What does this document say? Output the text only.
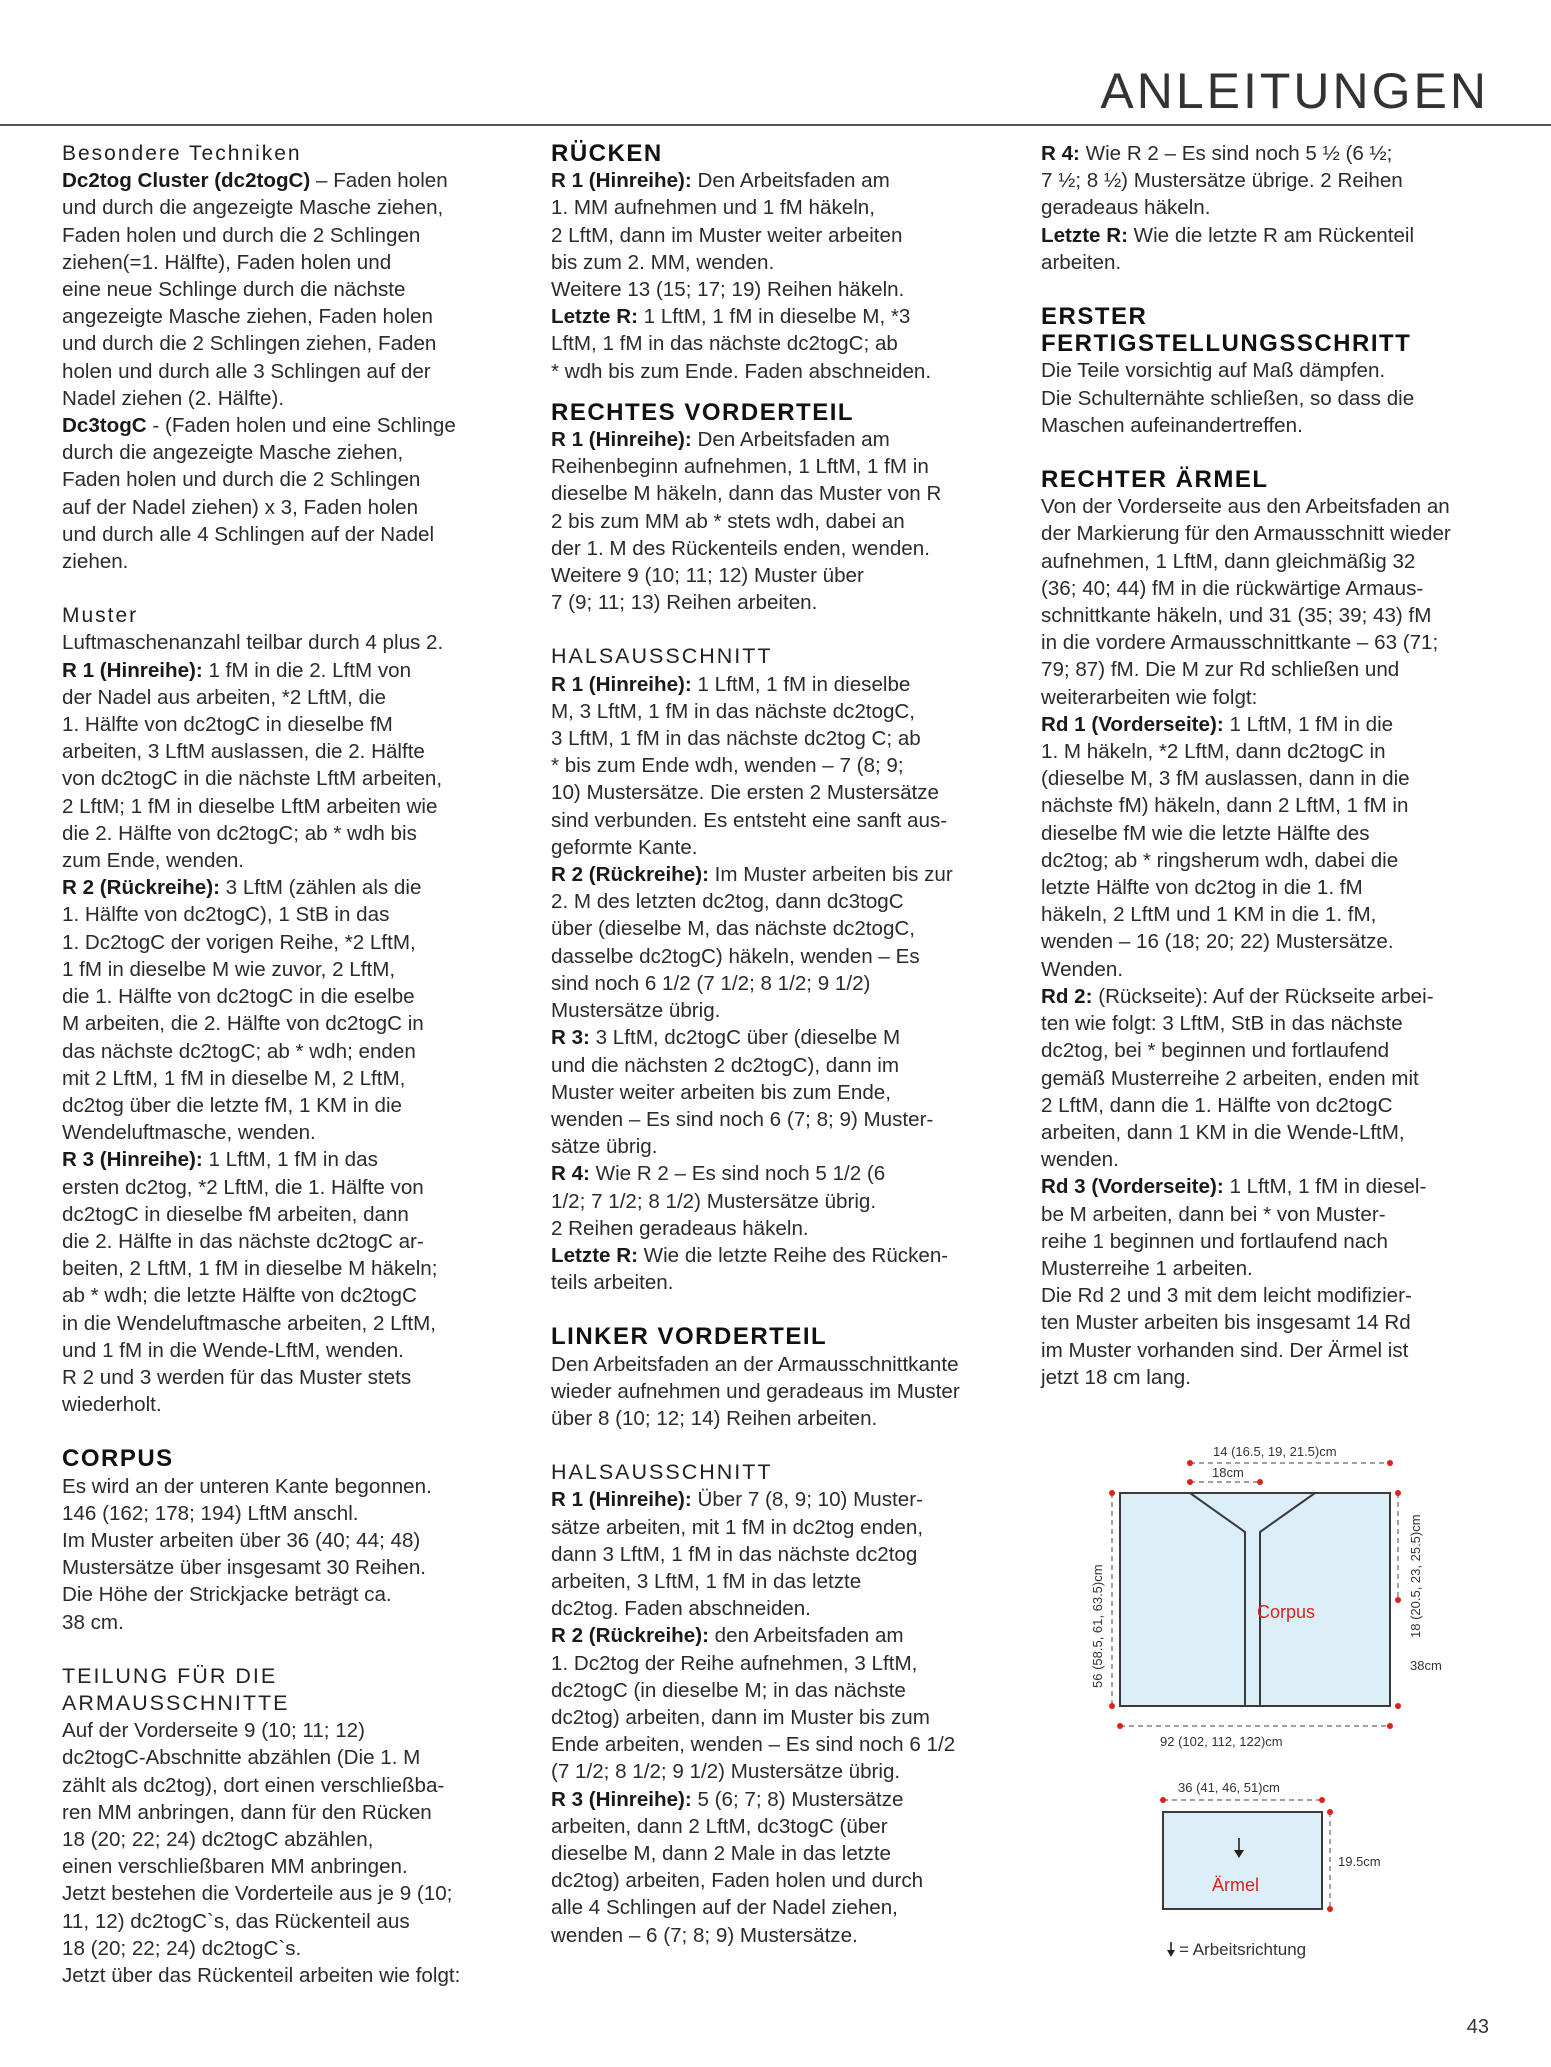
ANLEITUNGEN

Besondere Techniken

Dc2tog Cluster (dc2togC) – Faden holen
und durch die angezeigte Masche ziehen,
Faden holen und durch die 2 Schlingen
ziehen(=1. Hälfte), Faden holen und
eine neue Schlinge durch die nächste
angezeigte Masche ziehen, Faden holen
und durch die 2 Schlingen ziehen, Faden
holen und durch alle 3 Schlingen auf der
Nadel ziehen (2. Hälfte).

Dc3togC - (Faden holen und eine Schlinge
durch die angezeigte Masche ziehen,
Faden holen und durch die 2 Schlingen
auf der Nadel ziehen) x 3, Faden holen
und durch alle 4 Schlingen auf der Nadel
ziehen.

Muster

Luftmaschenanzahl teilbar durch 4 plus 2.

R 1 (Hinreihe): 1 fM in die 2. LftM von
der Nadel aus arbeiten, *2 LftM, die
1. Hälfte von dc2togC in dieselbe fM
arbeiten, 3 LftM auslassen, die 2. Hälfte
von dc2togC in die nächste LftM arbeiten,
2 LftM; 1 fM in dieselbe LftM arbeiten wie
die 2. Hälfte von dc2togC; ab * wdh bis
zum Ende, wenden.

R 2 (Rückreihe): 3 LftM (zählen als die
1. Hälfte von dc2togC), 1 StB in das
1. Dc2togC der vorigen Reihe, *2 LftM,
1 fM in dieselbe M wie zuvor, 2 LftM,
die 1. Hälfte von dc2togC in die eselbe
M arbeiten, die 2. Hälfte von dc2togC in
das nächste dc2togC; ab * wdh; enden
mit 2 LftM, 1 fM in dieselbe M, 2 LftM,
dc2tog über die letzte fM, 1 KM in die
Wendeluftmasche, wenden.

R 3 (Hinreihe): 1 LftM, 1 fM in das
ersten dc2tog, *2 LftM, die 1. Hälfte von
dc2togC in dieselbe fM arbeiten, dann
die 2. Hälfte in das nächste dc2togC ar-
beiten, 2 LftM, 1 fM in dieselbe M häkeln;
ab * wdh; die letzte Hälfte von dc2togC
in die Wendeluftmasche arbeiten, 2 LftM,
und 1 fM in die Wende-LftM, wenden.
R 2 und 3 werden für das Muster stets
wiederholt.

CORPUS

Es wird an der unteren Kante begonnen.
146 (162; 178; 194) LftM anschl.
Im Muster arbeiten über 36 (40; 44; 48)
Mustersätze über insgesamt 30 Reihen.
Die Höhe der Strickjacke beträgt ca.
38 cm.

TEILUNG FÜR DIE ARMAUSSCHNITTE

Auf der Vorderseite 9 (10; 11; 12)
dc2togC-Abschnitte abzählen (Die 1. M
zählt als dc2tog), dort einen verschließba-
ren MM anbringen, dann für den Rücken
18 (20; 22; 24) dc2togC abzählen,
einen verschließbaren MM anbringen.
Jetzt bestehen die Vorderteile aus je 9 (10;
11, 12) dc2togC`s, das Rückenteil aus
18 (20; 22; 24) dc2togC`s.
Jetzt über das Rückenteil arbeiten wie folgt:

RÜCKEN

R 1 (Hinreihe): Den Arbeitsfaden am
1. MM aufnehmen und 1 fM häkeln,
2 LftM, dann im Muster weiter arbeiten
bis zum 2. MM, wenden.
Weitere 13 (15; 17; 19) Reihen häkeln.

Letzte R: 1 LftM, 1 fM in dieselbe M, *3
LftM, 1 fM in das nächste dc2togC; ab
* wdh bis zum Ende. Faden abschneiden.

RECHTES VORDERTEIL

R 1 (Hinreihe): Den Arbeitsfaden am
Reihenbeginn aufnehmen, 1 LftM, 1 fM in
dieselbe M häkeln, dann das Muster von R
2 bis zum MM ab * stets wdh, dabei an
der 1. M des Rückenteils enden, wenden.
Weitere 9 (10; 11; 12) Muster über
7 (9; 11; 13) Reihen arbeiten.

HALSAUSSCHNITT

R 1 (Hinreihe): 1 LftM, 1 fM in dieselbe
M, 3 LftM, 1 fM in das nächste dc2togC,
3 LftM, 1 fM in das nächste dc2tog C; ab
* bis zum Ende wdh, wenden – 7 (8; 9;
10) Mustersätze. Die ersten 2 Mustersätze
sind verbunden. Es entsteht eine sanft aus-
geformte Kante.

R 2 (Rückreihe): Im Muster arbeiten bis zur
2. M des letzten dc2tog, dann dc3togC
über (dieselbe M, das nächste dc2togC,
dasselbe dc2togC) häkeln, wenden – Es
sind noch 6 1/2 (7 1/2; 8 1/2; 9 1/2)
Mustersätze übrig.

R 3: 3 LftM, dc2togC über (dieselbe M
und die nächsten 2 dc2togC), dann im
Muster weiter arbeiten bis zum Ende,
wenden – Es sind noch 6 (7; 8; 9) Muster-
sätze übrig.

R 4: Wie R 2 – Es sind noch 5 1/2 (6
1/2; 7 1/2; 8 1/2) Mustersätze übrig.
2 Reihen geradeaus häkeln.

Letzte R: Wie die letzte Reihe des Rücken-
teils arbeiten.

LINKER VORDERTEIL

Den Arbeitsfaden an der Armausschnittkante
wieder aufnehmen und geradeaus im Muster
über 8 (10; 12; 14) Reihen arbeiten.

HALSAUSSCHNITT

R 1 (Hinreihe): Über 7 (8, 9; 10) Muster-
sätze arbeiten, mit 1 fM in dc2tog enden,
dann 3 LftM, 1 fM in das nächste dc2tog
arbeiten, 3 LftM, 1 fM in das letzte
dc2tog. Faden abschneiden.

R 2 (Rückreihe): den Arbeitsfaden am
1. Dc2tog der Reihe aufnehmen, 3 LftM,
dc2togC (in dieselbe M; in das nächste
dc2tog) arbeiten, dann im Muster bis zum
Ende arbeiten, wenden – Es sind noch 6 1/2
(7 1/2; 8 1/2; 9 1/2) Mustersätze übrig.

R 3 (Hinreihe): 5 (6; 7; 8) Mustersätze
arbeiten, dann 2 LftM, dc3togC (über
dieselbe M, dann 2 Male in das letzte
dc2tog) arbeiten, Faden holen und durch
alle 4 Schlingen auf der Nadel ziehen,
wenden – 6 (7; 8; 9) Mustersätze.

R 4: Wie R 2 – Es sind noch 5 ½ (6 ½;
7 ½; 8 ½) Mustersätze übrige. 2 Reihen
geradeaus häkeln.

Letzte R: Wie die letzte R am Rückenteil
arbeiten.

ERSTER FERTIGSTELLUNGSSCHRITT

Die Teile vorsichtig auf Maß dämpfen.
Die Schulternähte schließen, so dass die
Maschen aufeinandertreffen.

RECHTER ÄRMEL

Von der Vorderseite aus den Arbeitsfaden an
der Markierung für den Armausschnitt wieder
aufnehmen, 1 LftM, dann gleichmäßig 32
(36; 40; 44) fM in die rückwärtige Armaus-
schnittkante häkeln, und 31 (35; 39; 43) fM
in die vordere Armausschnittkante – 63 (71;
79; 87) fM. Die M zur Rd schließen und
weiterarbeiten wie folgt:

Rd 1 (Vorderseite): 1 LftM, 1 fM in die
1. M häkeln, *2 LftM, dann dc2togC in
(dieselbe M, 3 fM auslassen, dann in die
nächste fM) häkeln, dann 2 LftM, 1 fM in
dieselbe fM wie die letzte Hälfte des
dc2tog; ab * ringsherum wdh, dabei die
letzte Hälfte von dc2tog in die 1. fM
häkeln, 2 LftM und 1 KM in die 1. fM,
wenden – 16 (18; 20; 22) Mustersätze.
Wenden.

Rd 2: (Rückseite): Auf der Rückseite arbei-
ten wie folgt: 3 LftM, StB in das nächste
dc2tog, bei * beginnen und fortlaufend
gemäß Musterreihe 2 arbeiten, enden mit
2 LftM, dann die 1. Hälfte von dc2togC
arbeiten, dann 1 KM in die Wende-LftM,
wenden.

Rd 3 (Vorderseite): 1 LftM, 1 fM in diesel-
be M arbeiten, dann bei * von Muster-
reihe 1 beginnen und fortlaufend nach
Musterreihe 1 arbeiten.
Die Rd 2 und 3 mit dem leicht modifizier-
ten Muster arbeiten bis insgesamt 14 Rd
im Muster vorhanden sind. Der Ärmel ist
jetzt 18 cm lang.

14 (16.5, 19, 21.5)cm
18cm
56 (58.5, 61, 63.5)cm	18 (20.5, 23, 25.5)cm
38cm
Corpus
92 (102, 112, 122)cm
36 (41, 46, 51)cm
19.5cm
Ärmel
= Arbeitsrichtung
43
